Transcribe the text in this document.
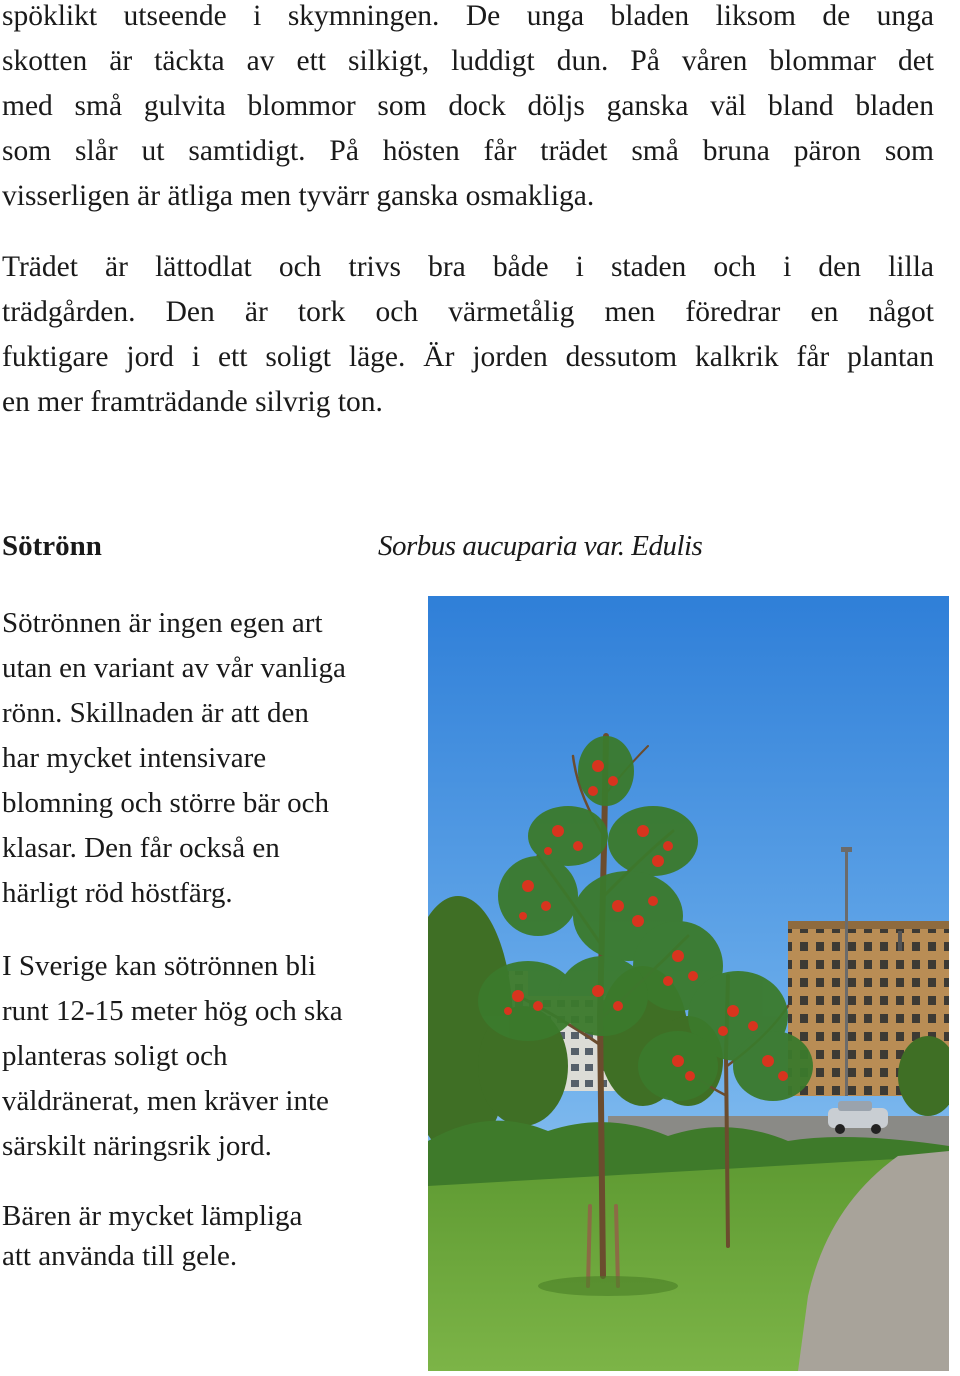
spöklikt utseende i skymningen. De unga bladen liksom de unga
skotten är täckta av ett silkigt, luddigt dun. På våren blommar det
med små gulvita blommor som dock döljs ganska väl bland bladen
som slår ut samtidigt. På hösten får trädet små bruna päron som
visserligen är ätliga men tyvärr ganska osmakliga.
Trädet är lättodlat och trivs bra både i staden och i den lilla
trädgården. Den är tork och värmetålig men föredrar en något
fuktigare jord i ett soligt läge. Är jorden dessutom kalkrik får plantan
en mer framträdande silvrig ton.
Sötrönn	Sorbus aucuparia var. Edulis
Sötrönnen är ingen egen art
utan en variant av vår vanliga
rönn. Skillnaden är att den
har mycket intensivare
blomning och större bär och
klasar. Den får också en
härligt röd höstfärg.
I Sverige kan sötrönnen bli
runt 12-15 meter hög och ska
planteras soligt och
väldränerat, men kräver inte
särskilt näringsrik jord.
Bären är mycket lämpliga
att använda till gele.
